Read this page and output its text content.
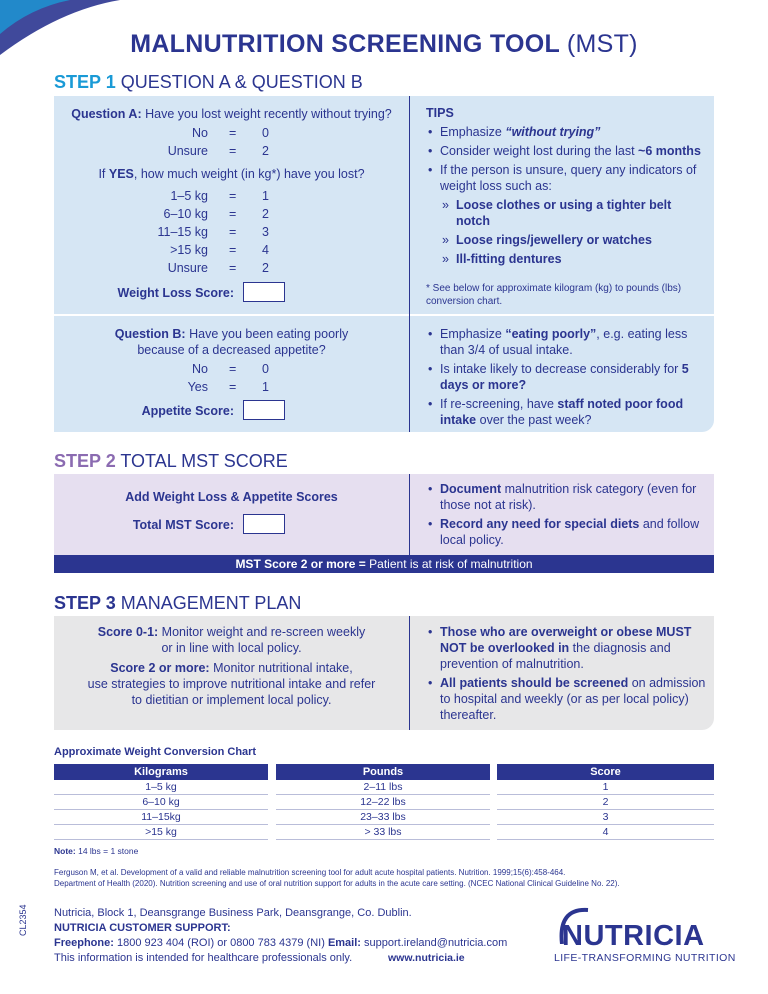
MALNUTRITION SCREENING TOOL (MST)
STEP 1 QUESTION A & QUESTION B
Question A: Have you lost weight recently without trying?
No = 0
Unsure = 2
If YES, how much weight (in kg*) have you lost?
1–5 kg = 1
6–10 kg = 2
11–15 kg = 3
>15 kg = 4
Unsure = 2
Weight Loss Score:
TIPS
• Emphasize “without trying”
• Consider weight lost during the last ~6 months
• If the person is unsure, query any indicators of weight loss such as:
» Loose clothes or using a tighter belt notch
» Loose rings/jewellery or watches
» Ill-fitting dentures
* See below for approximate kilogram (kg) to pounds (lbs) conversion chart.
Question B: Have you been eating poorly
because of a decreased appetite?
No = 0
Yes = 1
Appetite Score:
• Emphasize “eating poorly”, e.g. eating less than 3/4 of usual intake.
• Is intake likely to decrease considerably for 5 days or more?
• If re-screening, have staff noted poor food intake over the past week?
STEP 2 TOTAL MST SCORE
Add Weight Loss & Appetite Scores
Total MST Score:
• Document malnutrition risk category (even for those not at risk).
• Record any need for special diets and follow local policy.
MST Score 2 or more = Patient is at risk of malnutrition
STEP 3 MANAGEMENT PLAN
Score 0-1: Monitor weight and re-screen weekly
or in line with local policy.
Score 2 or more: Monitor nutritional intake,
use strategies to improve nutritional intake and refer
to dietitian or implement local policy.
• Those who are overweight or obese MUST NOT be overlooked in the diagnosis and prevention of malnutrition.
• All patients should be screened on admission to hospital and weekly (or as per local policy) thereafter.
Approximate Weight Conversion Chart
Kilograms
1–5 kg
6–10 kg
11–15kg
>15 kg
Pounds
2–11 lbs
12–22 lbs
23–33 lbs
> 33 lbs
Score
1
2
3
4
Note: 14 lbs = 1 stone
Ferguson M, et al. Development of a valid and reliable malnutrition screening tool for adult acute hospital patients. Nutrition. 1999;15(6):458-464.
Department of Health (2020). Nutrition screening and use of oral nutrition support for adults in the acute care setting. (NCEC National Clinical Guideline No. 22).
Nutricia, Block 1, Deansgrange Business Park, Deansgrange, Co. Dublin.
NUTRICIA CUSTOMER SUPPORT:
Freephone: 1800 923 404 (ROI) or 0800 783 4379 (NI) Email: support.ireland@nutricia.com
This information is intended for healthcare professionals only.	www.nutricia.ie
CL2354	NUTRICIA
LIFE-TRANSFORMING NUTRITION
